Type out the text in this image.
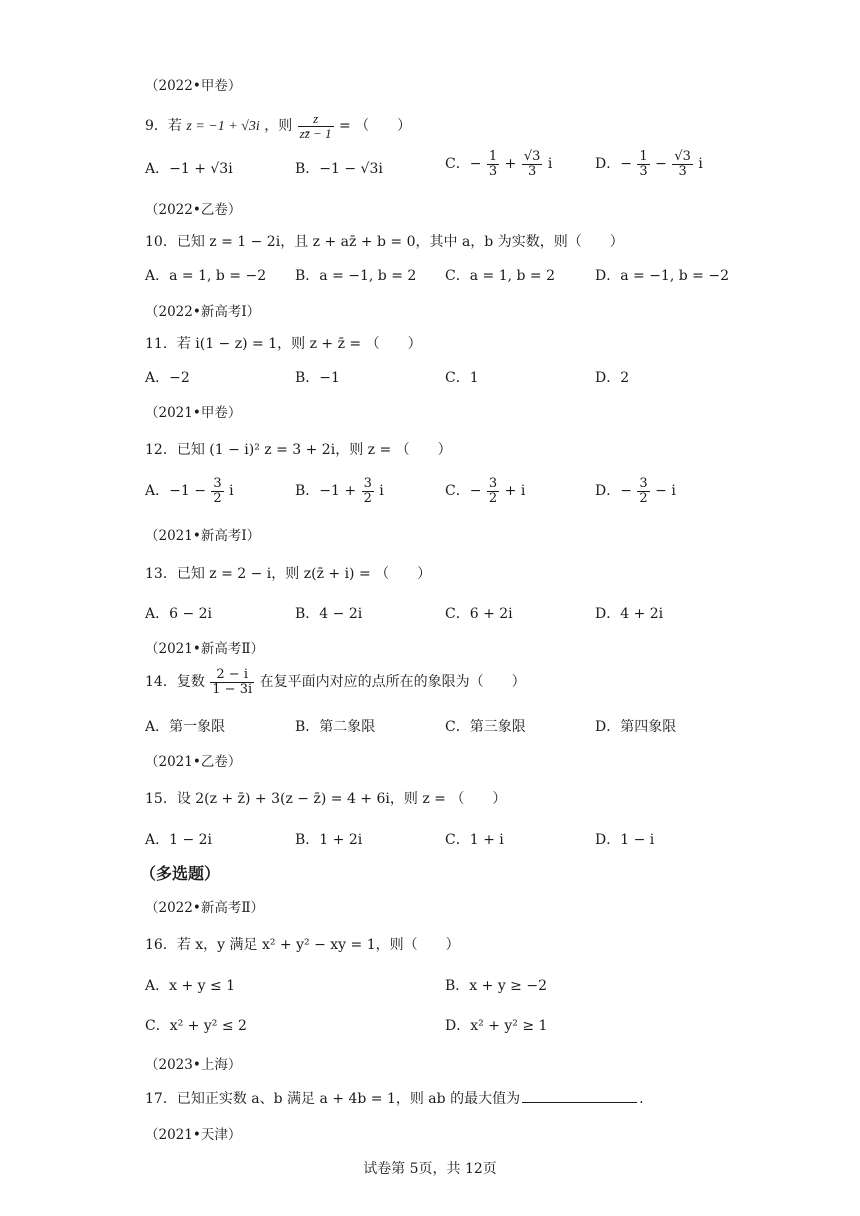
（2022•甲卷）
9．若 z = −1 + √3i ，则 $\frac{z}{zz̄ - 1}$ = （　　）
A．−1 + √3i	B．−1 − √3i	C．− $\frac{1}{3} + \frac{√3}{3}$ i	D．− $\frac{1}{3} - \frac{√3}{3}$ i
（2022•乙卷）
10．已知 z = 1 − 2i，且 z + az̄ + b = 0，其中 a，b 为实数，则（　　）
A．a = 1, b = −2 B．a = −1, b = 2 C．a = 1, b = 2	D．a = −1, b = −2
（2022•新高考Ⅰ）
11．若 i(1 − z) = 1，则 z + z̄ = （　　）
A．−2	B．−1	C．1	D．2
（2021•甲卷）
12．已知 (1 − i)² z = 3 + 2i，则 z = （　　）
A．$-1 - \frac{3}{2}$ i	B．$-1 + \frac{3}{2}$ i	C．− $\frac{3}{2} + i$	D．− $\frac{3}{2} - i$
（2021•新高考Ⅰ）
13．已知 z = 2 − i，则 z(z̄ + i) = （　　）
A．6 − 2i	B．4 − 2i	C．6 + 2i	D．4 + 2i
（2021•新高考Ⅱ）
14．复数 $\frac{2 - i}{1 - 3i}$ 在复平面内对应的点所在的象限为（　　）
A．第一象限	B．第二象限	C．第三象限	D．第四象限
（2021•乙卷）
15．设 2(z + z̄) + 3(z − z̄) = 4 + 6i，则 z = （　　）
A．1 − 2i	B．1 + 2i	C．1 + i	D．1 − i
（多选题）
（2022•新高考Ⅱ）
16．若 x，y 满足 x² + y² − xy = 1，则（　　）
A．x + y ≤ 1	B．x + y ≥ −2
C．x² + y² ≤ 2	D．x² + y² ≥ 1
（2023•上海）
17．已知正实数 a、b 满足 a + 4b = 1，则 ab 的最大值为	.
（2021•天津）
试卷第 5页，共 12页
